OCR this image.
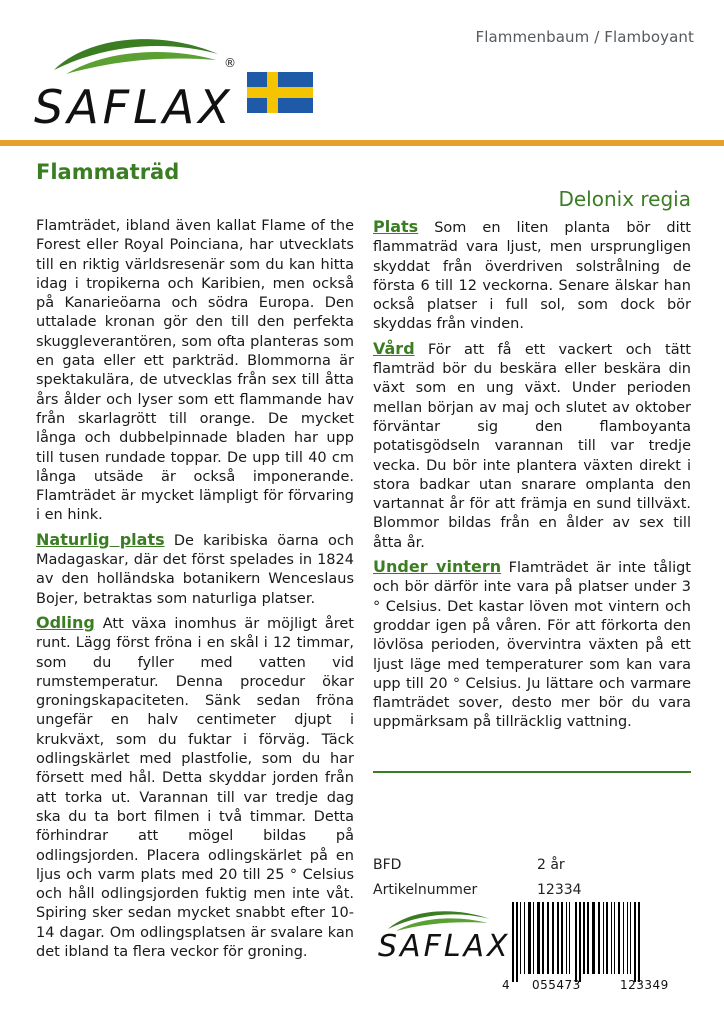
Flammenbaum / Flamboyant
SAFLAX
®
Flammaträd
Delonix regia

Flamträdet, ibland även kallat Flame of the Forest eller Royal Poinciana, har utvecklats till en riktig världsresenär som du kan hitta idag i tropikerna och Karibien, men också på Kanarieöarna och södra Europa. Den uttalade kronan gör den till den perfekta skuggleverantören, som ofta planteras som en gata eller ett parkträd. Blommorna är spektakulära, de utvecklas från sex till åtta års ålder och lyser som ett flammande hav från skarlagrött till orange. De mycket långa och dubbelpinnade bladen har upp till tusen rundade toppar. De upp till 40 cm långa utsäde är också imponerande. Flamträdet är mycket lämpligt för förvaring i en hink.

Naturlig plats De karibiska öarna och Madagaskar, där det först spelades in 1824 av den holländska botanikern Wenceslaus Bojer, betraktas som naturliga platser.

Odling Att växa inomhus är möjligt året runt. Lägg först fröna i en skål i 12 timmar, som du fyller med vatten vid rumstemperatur. Denna procedur ökar groningskapaciteten. Sänk sedan fröna ungefär en halv centimeter djupt i krukväxt, som du fuktar i förväg. Täck odlingskärlet med plastfolie, som du har försett med hål. Detta skyddar jorden från att torka ut. Varannan till var tredje dag ska du ta bort filmen i två timmar. Detta förhindrar att mögel bildas på odlingsjorden. Placera odlingskärlet på en ljus och varm plats med 20 till 25 ° Celsius och håll odlingsjorden fuktig men inte våt. Spiring sker sedan mycket snabbt efter 10-14 dagar. Om odlingsplatsen är svalare kan det ibland ta flera veckor för groning.

Plats Som en liten planta bör ditt flammaträd vara ljust, men ursprungligen skyddat från överdriven solstrålning de första 6 till 12 veckorna. Senare älskar han också platser i full sol, som dock bör skyddas från vinden.

Vård För att få ett vackert och tätt flamträd bör du beskära eller beskära din växt som en ung växt. Under perioden mellan början av maj och slutet av oktober förväntar sig den flamboyanta potatisgödseln varannan till var tredje vecka. Du bör inte plantera växten direkt i stora badkar utan snarare omplanta den vartannat år för att främja en sund tillväxt. Blommor bildas från en ålder av sex till åtta år.

Under vintern Flamträdet är inte tåligt och bör därför inte vara på platser under 3 ° Celsius. Det kastar löven mot vintern och groddar igen på våren. För att förkorta den lövlösa perioden, övervintra växten på ett ljust läge med temperaturer som kan vara upp till 20 ° Celsius. Ju lättare och varmare flamträdet sover, desto mer bör du vara uppmärksam på tillräcklig vattning.

BFD	2 år
Artikelnummer	12334
SAFLAX
4 055473	123349
